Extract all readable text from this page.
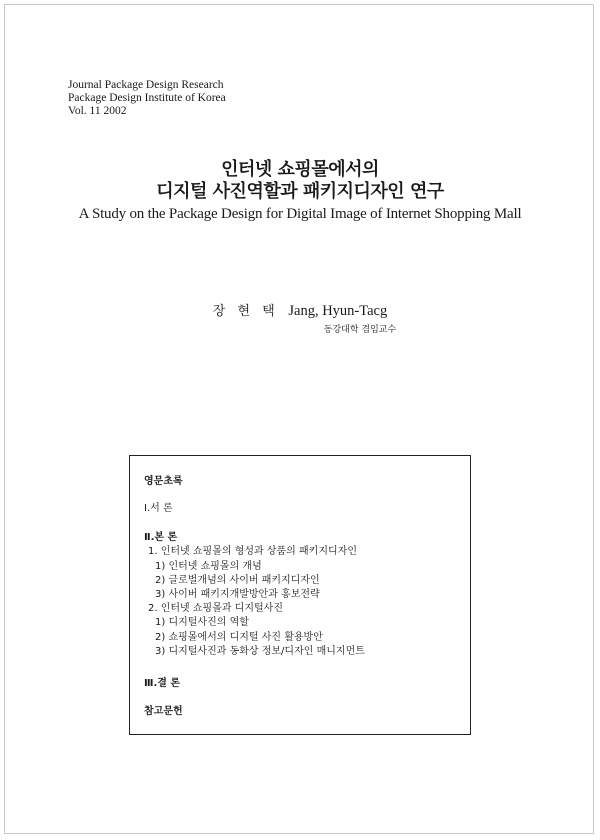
Journal Package Design Research
Package Design Institute of Korea
Vol. 11 2002
인터넷 쇼핑몰에서의
디지털 사진역할과 패키지디자인 연구
A Study on the Package Design for Digital Image of Internet Shopping Mall
장 현 택 Jang, Hyun-Tacg
동강대학 겸임교수
영문초록
Ⅰ.서 론
Ⅱ.본 론
1. 인터넷 쇼핑몰의 형성과 상품의 패키지디자인
1) 인터넷 쇼핑몰의 개념
2) 글로벌개념의 사이버 패키지디자인
3) 사이버 패키지개발방안과 홍보전략
2. 인터넷 쇼핑몰과 디지털사진
1) 디지털사진의 역할
2) 쇼핑몰에서의 디지털 사진 활용방안
3) 디지털사진과 동화상 정보/디자인 매니지먼트
Ⅲ.결 론
참고문헌
